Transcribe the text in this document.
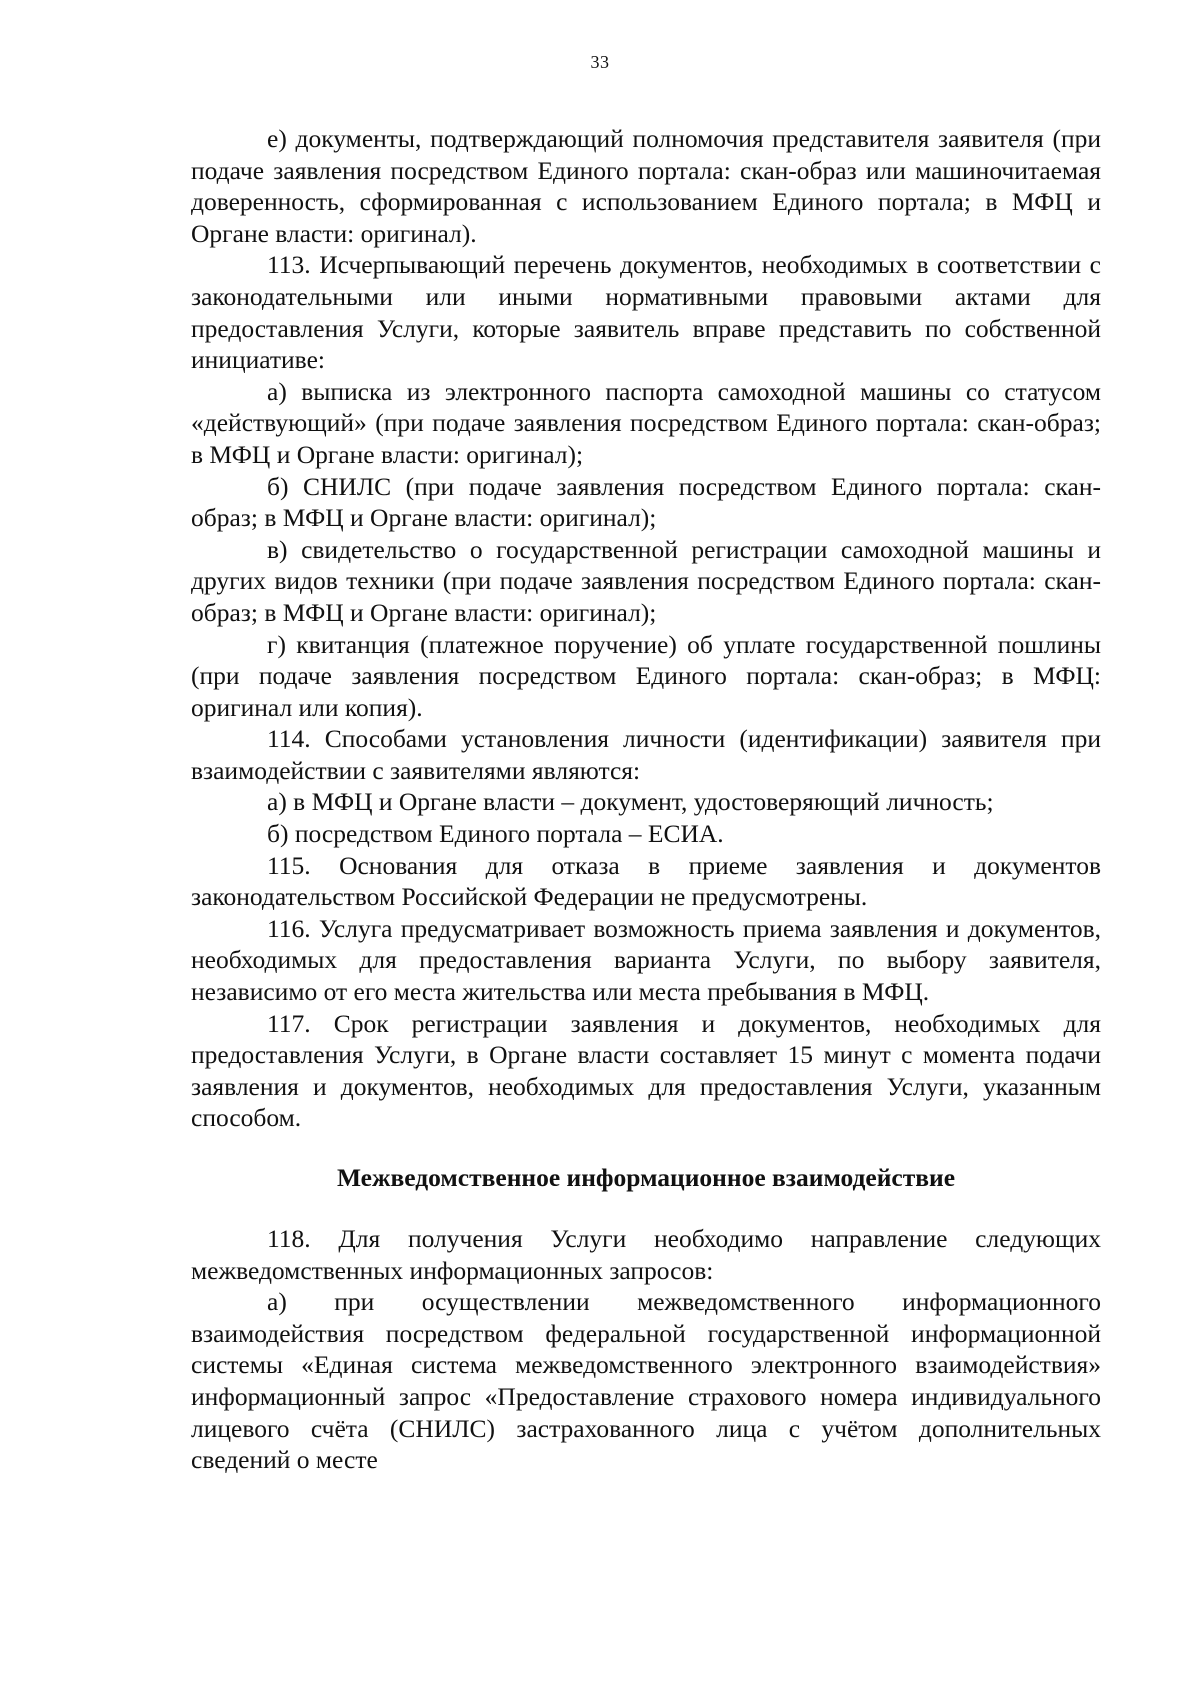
33

е) документы, подтверждающий полномочия представителя заявителя (при подаче заявления посредством Единого портала: скан-образ или машиночитаемая доверенность, сформированная с использованием Единого портала; в МФЦ и Органе власти: оригинал).

113. Исчерпывающий перечень документов, необходимых в соответствии с законодательными или иными нормативными правовыми актами для предоставления Услуги, которые заявитель вправе представить по собственной инициативе:

а) выписка из электронного паспорта самоходной машины со статусом «действующий» (при подаче заявления посредством Единого портала: скан-образ; в МФЦ и Органе власти: оригинал);

б) СНИЛС (при подаче заявления посредством Единого портала: скан-образ; в МФЦ и Органе власти: оригинал);

в) свидетельство о государственной регистрации самоходной машины и других видов техники (при подаче заявления посредством Единого портала: скан-образ; в МФЦ и Органе власти: оригинал);

г) квитанция (платежное поручение) об уплате государственной пошлины (при подаче заявления посредством Единого портала: скан-образ; в МФЦ: оригинал или копия).

114. Способами установления личности (идентификации) заявителя при взаимодействии с заявителями являются:

а) в МФЦ и Органе власти – документ, удостоверяющий личность;

б) посредством Единого портала – ЕСИА.

115. Основания для отказа в приеме заявления и документов законодательством Российской Федерации не предусмотрены.

116. Услуга предусматривает возможность приема заявления и документов, необходимых для предоставления варианта Услуги, по выбору заявителя, независимо от его места жительства или места пребывания в МФЦ.

117. Срок регистрации заявления и документов, необходимых для предоставления Услуги, в Органе власти составляет 15 минут с момента подачи заявления и документов, необходимых для предоставления Услуги, указанным способом.

Межведомственное информационное взаимодействие

118. Для получения Услуги необходимо направление следующих межведомственных информационных запросов:

а) при осуществлении межведомственного информационного взаимодействия посредством федеральной государственной информационной системы «Единая система межведомственного электронного взаимодействия» информационный запрос «Предоставление страхового номера индивидуального лицевого счёта (СНИЛС) застрахованного лица с учётом дополнительных сведений о месте
